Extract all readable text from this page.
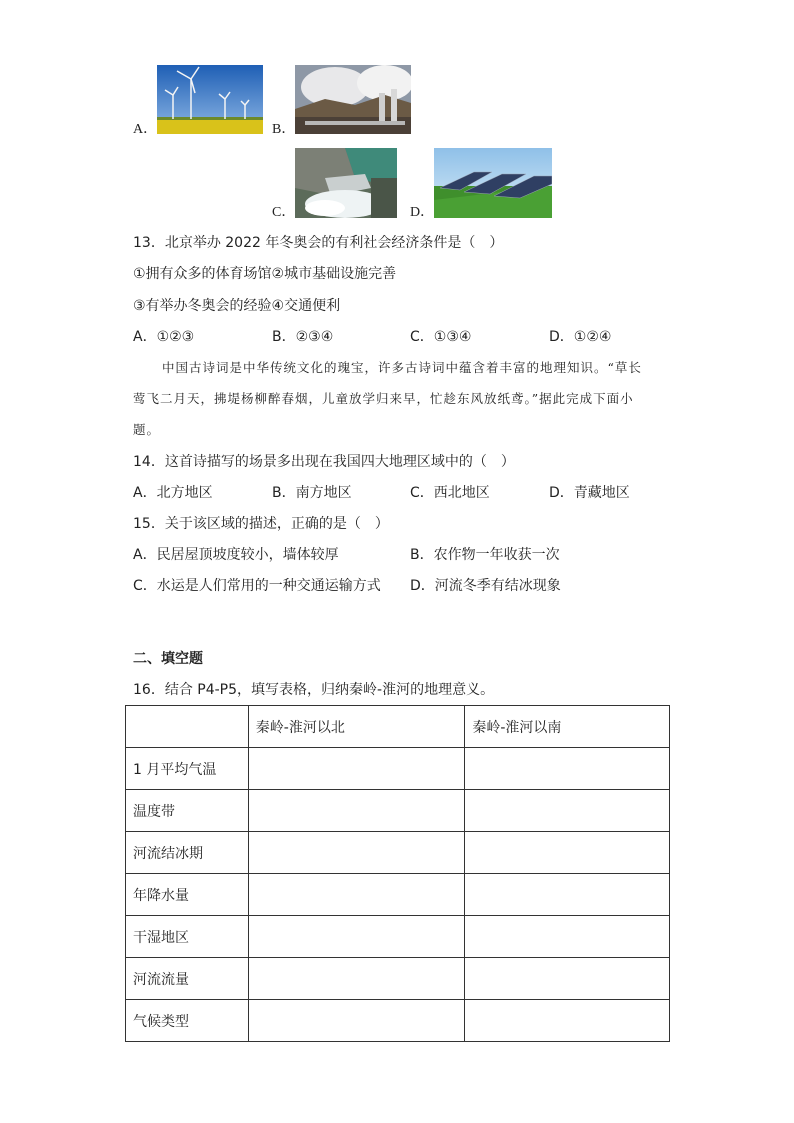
A．	B．
C．	D．
13．北京举办 2022 年冬奥会的有利社会经济条件是（　）
①拥有众多的体育场馆②城市基础设施完善
③有举办冬奥会的经验④交通便利
A．①②③	B．②③④	C．①③④	D．①②④
中国古诗词是中华传统文化的瑰宝，许多古诗词中蕴含着丰富的地理知识。“草长
莺飞二月天，拂堤杨柳醉春烟，儿童放学归来早，忙趁东风放纸鸢。”据此完成下面小
题。
14．这首诗描写的场景多出现在我国四大地理区域中的（　）
A．北方地区	B．南方地区	C．西北地区	D．青藏地区
15．关于该区域的描述，正确的是（　）
A．民居屋顶坡度较小，墙体较厚	B．农作物一年收获一次
C．水运是人们常用的一种交通运输方式 D．河流冬季有结冰现象
二、填空题
16．结合 P4-P5，填写表格，归纳秦岭-淮河的地理意义。
	秦岭-淮河以北	秦岭-淮河以南
1 月平均气温		
温度带		
河流结冰期		
年降水量		
干湿地区		
河流流量		
气候类型		
